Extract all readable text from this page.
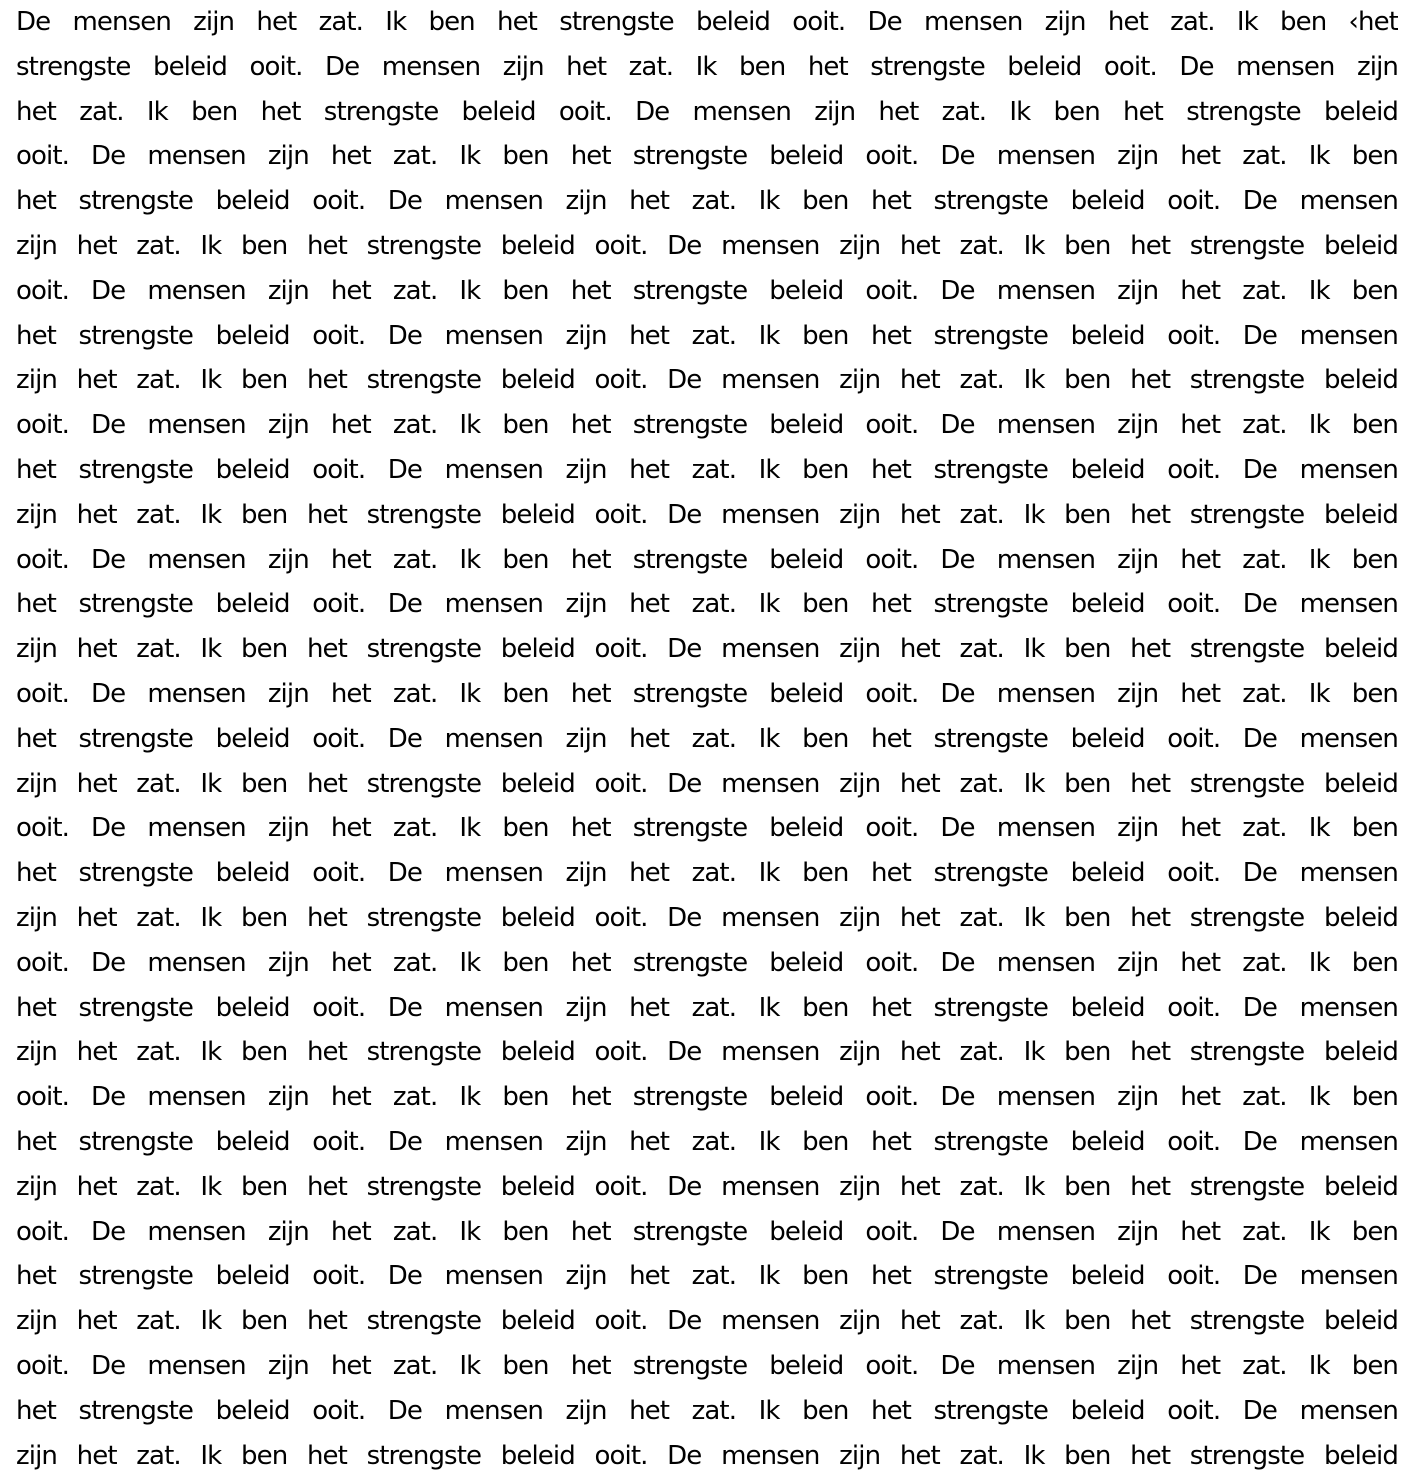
De mensen zijn het zat. Ik ben het strengste beleid ooit. De mensen zijn het zat. Ik ben ‹het
strengste beleid ooit. De mensen zijn het zat. Ik ben het strengste beleid ooit. De mensen zijn
het zat. Ik ben het strengste beleid ooit. De mensen zijn het zat. Ik ben het strengste beleid
ooit. De mensen zijn het zat. Ik ben het strengste beleid ooit. De mensen zijn het zat. Ik ben
het strengste beleid ooit. De mensen zijn het zat. Ik ben het strengste beleid ooit. De mensen
zijn het zat. Ik ben het strengste beleid ooit. De mensen zijn het zat. Ik ben het strengste beleid
ooit. De mensen zijn het zat. Ik ben het strengste beleid ooit. De mensen zijn het zat. Ik ben
het strengste beleid ooit. De mensen zijn het zat. Ik ben het strengste beleid ooit. De mensen
zijn het zat. Ik ben het strengste beleid ooit. De mensen zijn het zat. Ik ben het strengste beleid
ooit. De mensen zijn het zat. Ik ben het strengste beleid ooit. De mensen zijn het zat. Ik ben
het strengste beleid ooit. De mensen zijn het zat. Ik ben het strengste beleid ooit. De mensen
zijn het zat. Ik ben het strengste beleid ooit. De mensen zijn het zat. Ik ben het strengste beleid
ooit. De mensen zijn het zat. Ik ben het strengste beleid ooit. De mensen zijn het zat. Ik ben
het strengste beleid ooit. De mensen zijn het zat. Ik ben het strengste beleid ooit. De mensen
zijn het zat. Ik ben het strengste beleid ooit. De mensen zijn het zat. Ik ben het strengste beleid
ooit. De mensen zijn het zat. Ik ben het strengste beleid ooit. De mensen zijn het zat. Ik ben
het strengste beleid ooit. De mensen zijn het zat. Ik ben het strengste beleid ooit. De mensen
zijn het zat. Ik ben het strengste beleid ooit. De mensen zijn het zat. Ik ben het strengste beleid
ooit. De mensen zijn het zat. Ik ben het strengste beleid ooit. De mensen zijn het zat. Ik ben
het strengste beleid ooit. De mensen zijn het zat. Ik ben het strengste beleid ooit. De mensen
zijn het zat. Ik ben het strengste beleid ooit. De mensen zijn het zat. Ik ben het strengste beleid
ooit. De mensen zijn het zat. Ik ben het strengste beleid ooit. De mensen zijn het zat. Ik ben
het strengste beleid ooit. De mensen zijn het zat. Ik ben het strengste beleid ooit. De mensen
zijn het zat. Ik ben het strengste beleid ooit. De mensen zijn het zat. Ik ben het strengste beleid
ooit. De mensen zijn het zat. Ik ben het strengste beleid ooit. De mensen zijn het zat. Ik ben
het strengste beleid ooit. De mensen zijn het zat. Ik ben het strengste beleid ooit. De mensen
zijn het zat. Ik ben het strengste beleid ooit. De mensen zijn het zat. Ik ben het strengste beleid
ooit. De mensen zijn het zat. Ik ben het strengste beleid ooit. De mensen zijn het zat. Ik ben
het strengste beleid ooit. De mensen zijn het zat. Ik ben het strengste beleid ooit. De mensen
zijn het zat. Ik ben het strengste beleid ooit. De mensen zijn het zat. Ik ben het strengste beleid
ooit. De mensen zijn het zat. Ik ben het strengste beleid ooit. De mensen zijn het zat. Ik ben
het strengste beleid ooit. De mensen zijn het zat. Ik ben het strengste beleid ooit. De mensen
zijn het zat. Ik ben het strengste beleid ooit. De mensen zijn het zat. Ik ben het strengste beleid
